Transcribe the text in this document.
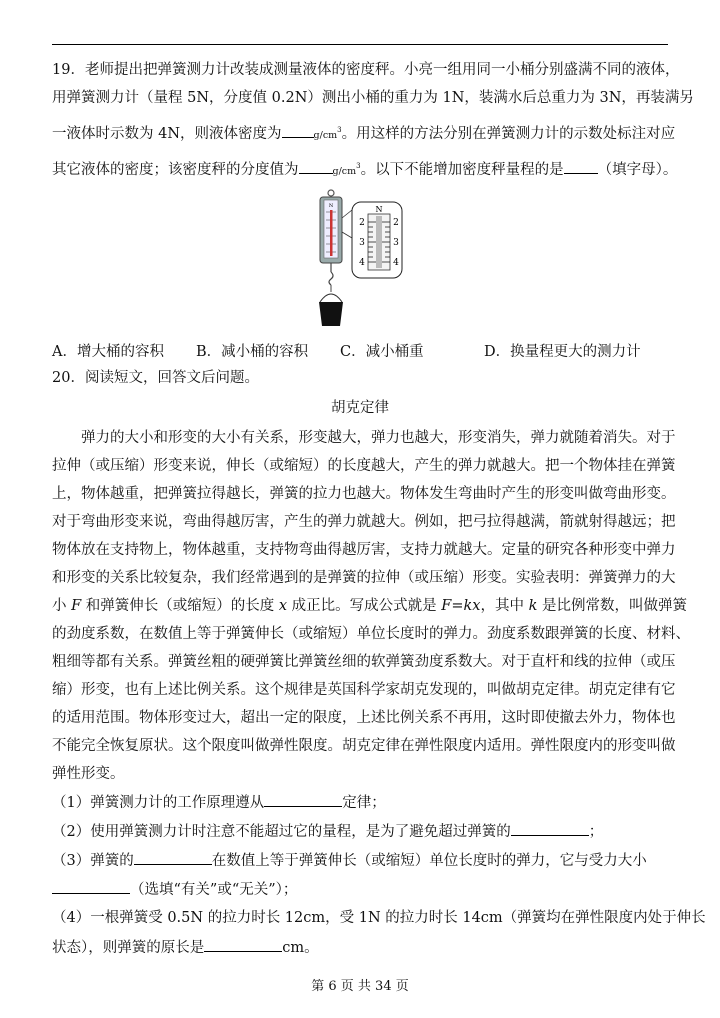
19．老师提出把弹簧测力计改装成测量液体的密度秤。小亮一组用同一小桶分别盛满不同的液体，
用弹簧测力计（量程 5N，分度值 0.2N）测出小桶的重力为 1N，装满水后总重力为 3N，再装满另
一液体时示数为 4N，则液体密度为	$g/cm^3$。用这样的方法分别在弹簧测力计的示数处标注对应
其它液体的密度；该密度秤的分度值为	$g/cm^3$。以下不能增加密度秤量程的是 （填字母）。
N	N
2
3
4
2
3
4
A．增大桶的容积 B．减小桶的容积 C．减小桶重	D．换量程更大的测力计
20．阅读短文，回答文后问题。
胡克定律
弹力的大小和形变的大小有关系，形变越大，弹力也越大，形变消失，弹力就随着消失。对于
拉伸（或压缩）形变来说，伸长（或缩短）的长度越大，产生的弹力就越大。把一个物体挂在弹簧
上，物体越重，把弹簧拉得越长，弹簧的拉力也越大。物体发生弯曲时产生的形变叫做弯曲形变。
对于弯曲形变来说，弯曲得越厉害，产生的弹力就越大。例如，把弓拉得越满，箭就射得越远；把
物体放在支持物上，物体越重，支持物弯曲得越厉害，支持力就越大。定量的研究各种形变中弹力
和形变的关系比较复杂，我们经常遇到的是弹簧的拉伸（或压缩）形变。实验表明：弹簧弹力的大
小 F 和弹簧伸长（或缩短）的长度 x 成正比。写成公式就是 F=kx，其中 k 是比例常数，叫做弹簧
的劲度系数，在数值上等于弹簧伸长（或缩短）单位长度时的弹力。劲度系数跟弹簧的长度、材料、
粗细等都有关系。弹簧丝粗的硬弹簧比弹簧丝细的软弹簧劲度系数大。对于直杆和线的拉伸（或压
缩）形变，也有上述比例关系。这个规律是英国科学家胡克发现的，叫做胡克定律。胡克定律有它
的适用范围。物体形变过大，超出一定的限度，上述比例关系不再用，这时即使撤去外力，物体也
不能完全恢复原状。这个限度叫做弹性限度。胡克定律在弹性限度内适用。弹性限度内的形变叫做
弹性形变。
（1）弹簧测力计的工作原理遵从	定律；
（2）使用弹簧测力计时注意不能超过它的量程，是为了避免超过弹簧的	；
（3）弹簧的	在数值上等于弹簧伸长（或缩短）单位长度时的弹力，它与受力大小
（选填“有关”或“无关”）；
（4）一根弹簧受 0.5N 的拉力时长 12cm，受 1N 的拉力时长 14cm（弹簧均在弹性限度内处于伸长
状态），则弹簧的原长是	cm。
第 6 页 共 34 页
